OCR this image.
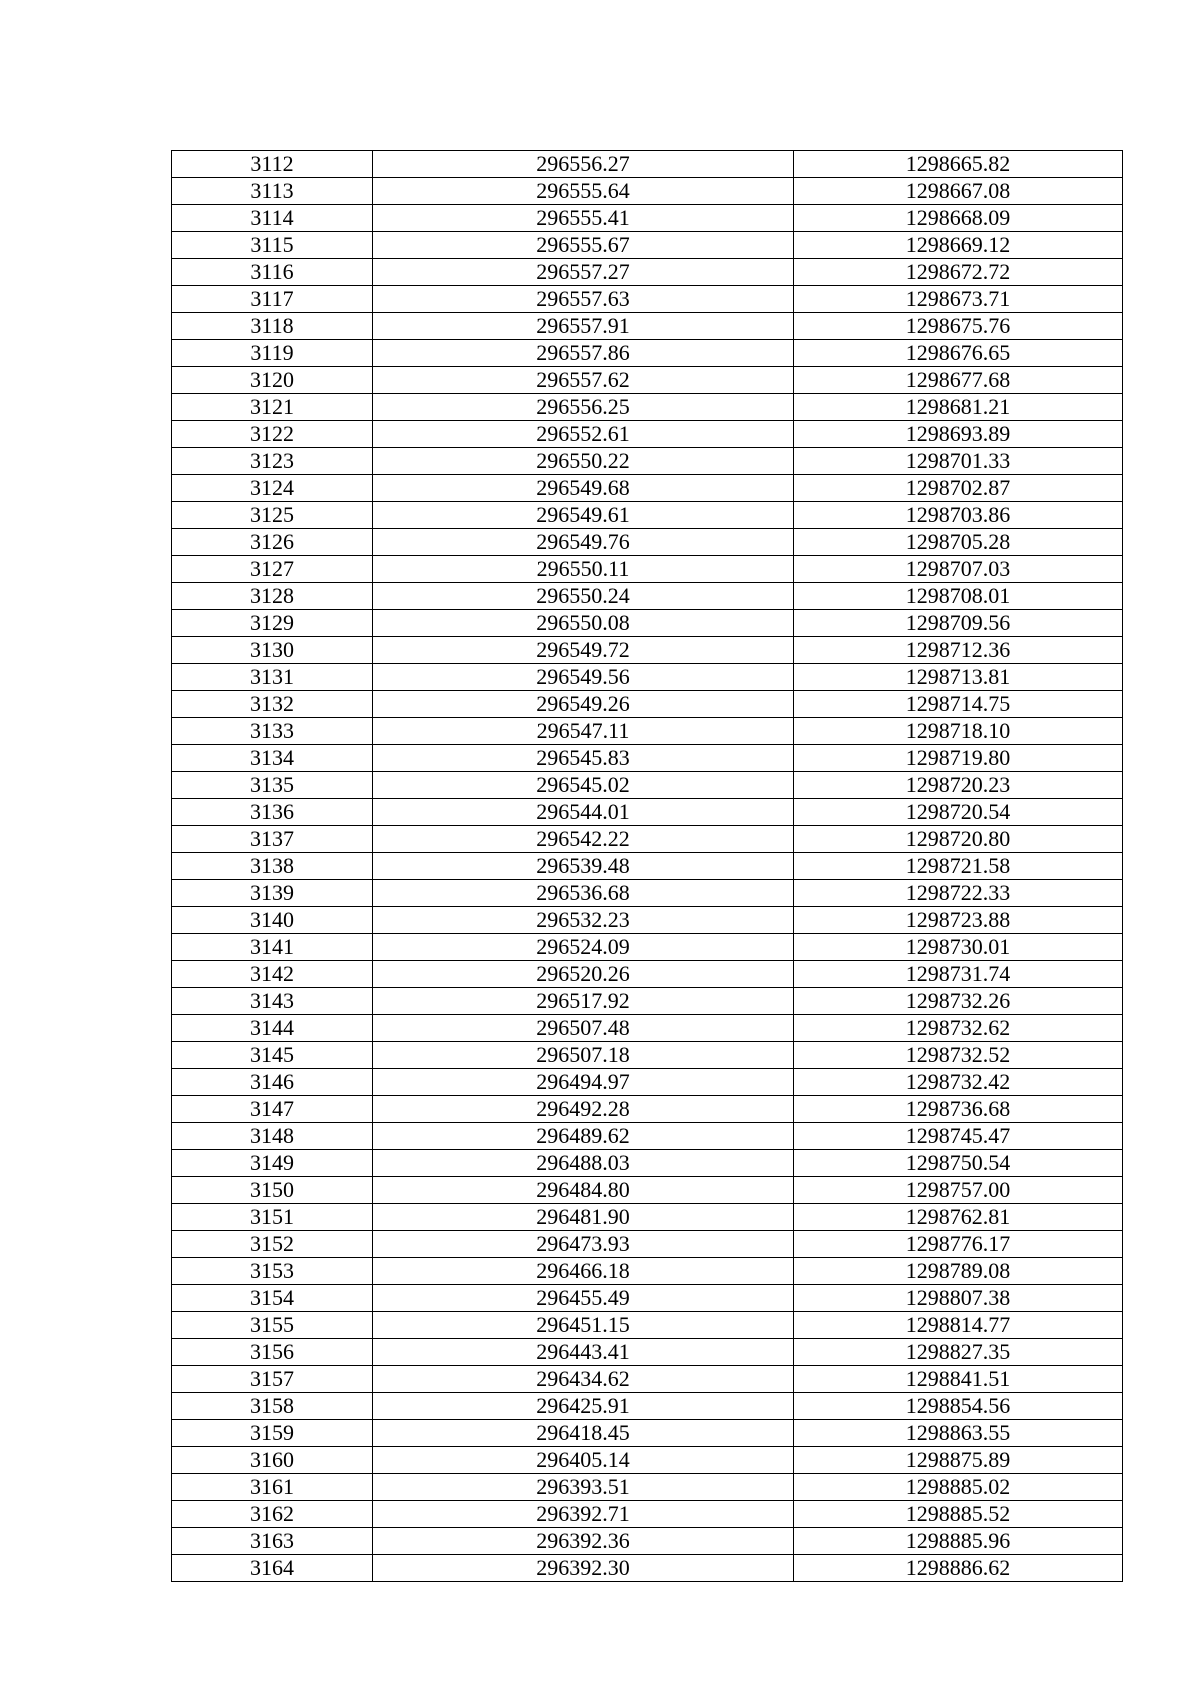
3112	296556.27	1298665.82
3113	296555.64	1298667.08
3114	296555.41	1298668.09
3115	296555.67	1298669.12
3116	296557.27	1298672.72
3117	296557.63	1298673.71
3118	296557.91	1298675.76
3119	296557.86	1298676.65
3120	296557.62	1298677.68
3121	296556.25	1298681.21
3122	296552.61	1298693.89
3123	296550.22	1298701.33
3124	296549.68	1298702.87
3125	296549.61	1298703.86
3126	296549.76	1298705.28
3127	296550.11	1298707.03
3128	296550.24	1298708.01
3129	296550.08	1298709.56
3130	296549.72	1298712.36
3131	296549.56	1298713.81
3132	296549.26	1298714.75
3133	296547.11	1298718.10
3134	296545.83	1298719.80
3135	296545.02	1298720.23
3136	296544.01	1298720.54
3137	296542.22	1298720.80
3138	296539.48	1298721.58
3139	296536.68	1298722.33
3140	296532.23	1298723.88
3141	296524.09	1298730.01
3142	296520.26	1298731.74
3143	296517.92	1298732.26
3144	296507.48	1298732.62
3145	296507.18	1298732.52
3146	296494.97	1298732.42
3147	296492.28	1298736.68
3148	296489.62	1298745.47
3149	296488.03	1298750.54
3150	296484.80	1298757.00
3151	296481.90	1298762.81
3152	296473.93	1298776.17
3153	296466.18	1298789.08
3154	296455.49	1298807.38
3155	296451.15	1298814.77
3156	296443.41	1298827.35
3157	296434.62	1298841.51
3158	296425.91	1298854.56
3159	296418.45	1298863.55
3160	296405.14	1298875.89
3161	296393.51	1298885.02
3162	296392.71	1298885.52
3163	296392.36	1298885.96
3164	296392.30	1298886.62
